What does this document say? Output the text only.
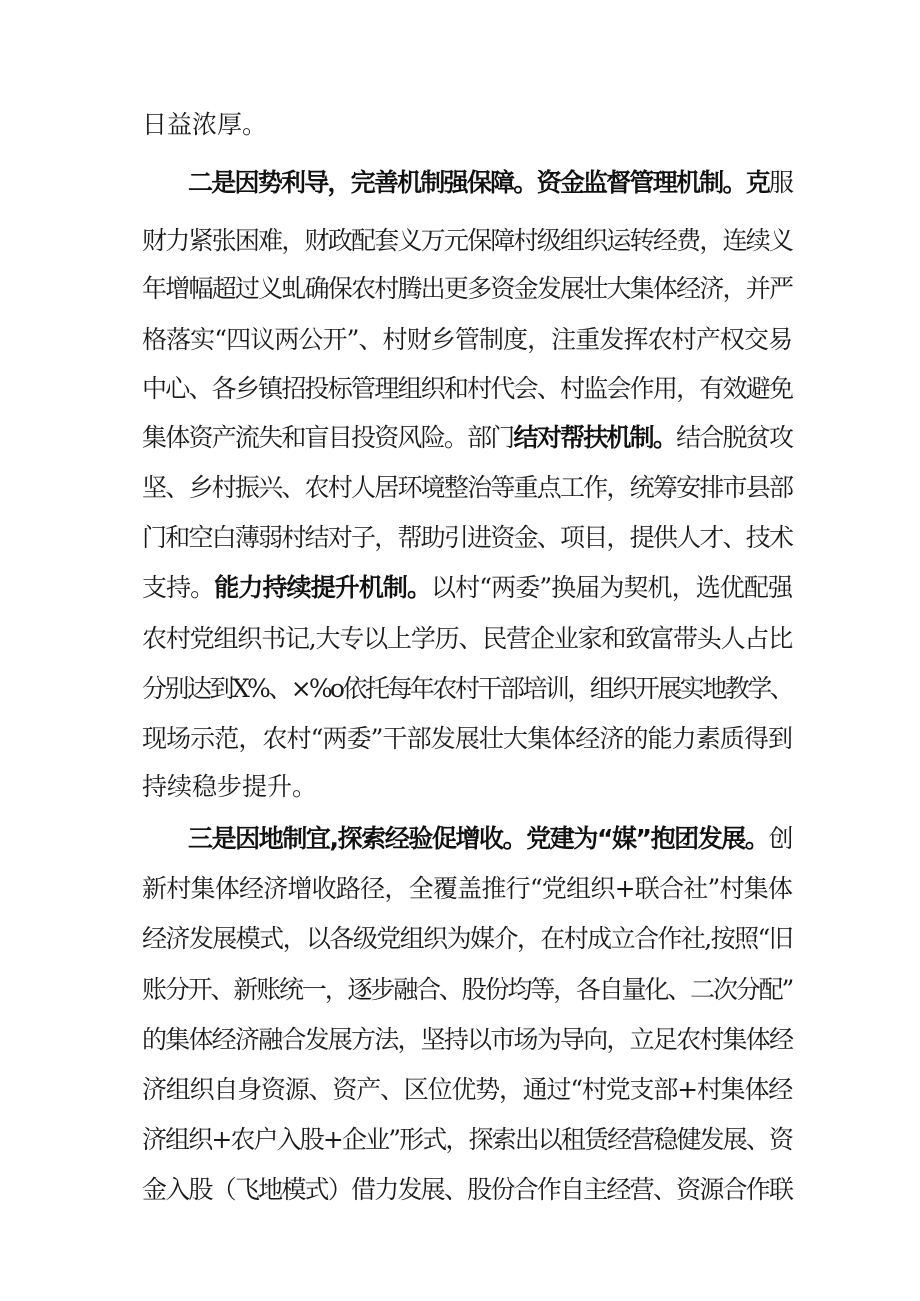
日益浓厚。
二是因势利导，完善机制强保障。资金监督管理机制。克服
财力紧张困难，财政配套义万元保障村级组织运转经费，连续义
年增幅超过义虬确保农村腾出更多资金发展壮大集体经济，并严
格落实“四议两公开”、村财乡管制度，注重发挥农村产权交易
中心、各乡镇招投标管理组织和村代会、村监会作用，有效避免
集体资产流失和盲目投资风险。部门结对帮扶机制。结合脱贫攻
坚、乡村振兴、农村人居环境整治等重点工作，统筹安排市县部
门和空白薄弱村结对子，帮助引进资金、项目，提供人才、技术
支持。能力持续提升机制。以村“两委”换届为契机，选优配强
农村党组织书记,大专以上学历、民营企业家和致富带头人占比
分别达到X%、×%o依托每年农村干部培训，组织开展实地教学、
现场示范，农村“两委”干部发展壮大集体经济的能力素质得到
持续稳步提升。
三是因地制宜,探索经验促增收。党建为“媒”抱团发展。创
新村集体经济增收路径，全覆盖推行“党组织+联合社”村集体
经济发展模式，以各级党组织为媒介，在村成立合作社,按照“旧
账分开、新账统一，逐步融合、股份均等，各自量化、二次分配”
的集体经济融合发展方法，坚持以市场为导向，立足农村集体经
济组织自身资源、资产、区位优势，通过“村党支部+村集体经
济组织+农户入股+企业”形式，探索出以租赁经营稳健发展、资
金入股（飞地模式）借力发展、股份合作自主经营、资源合作联
